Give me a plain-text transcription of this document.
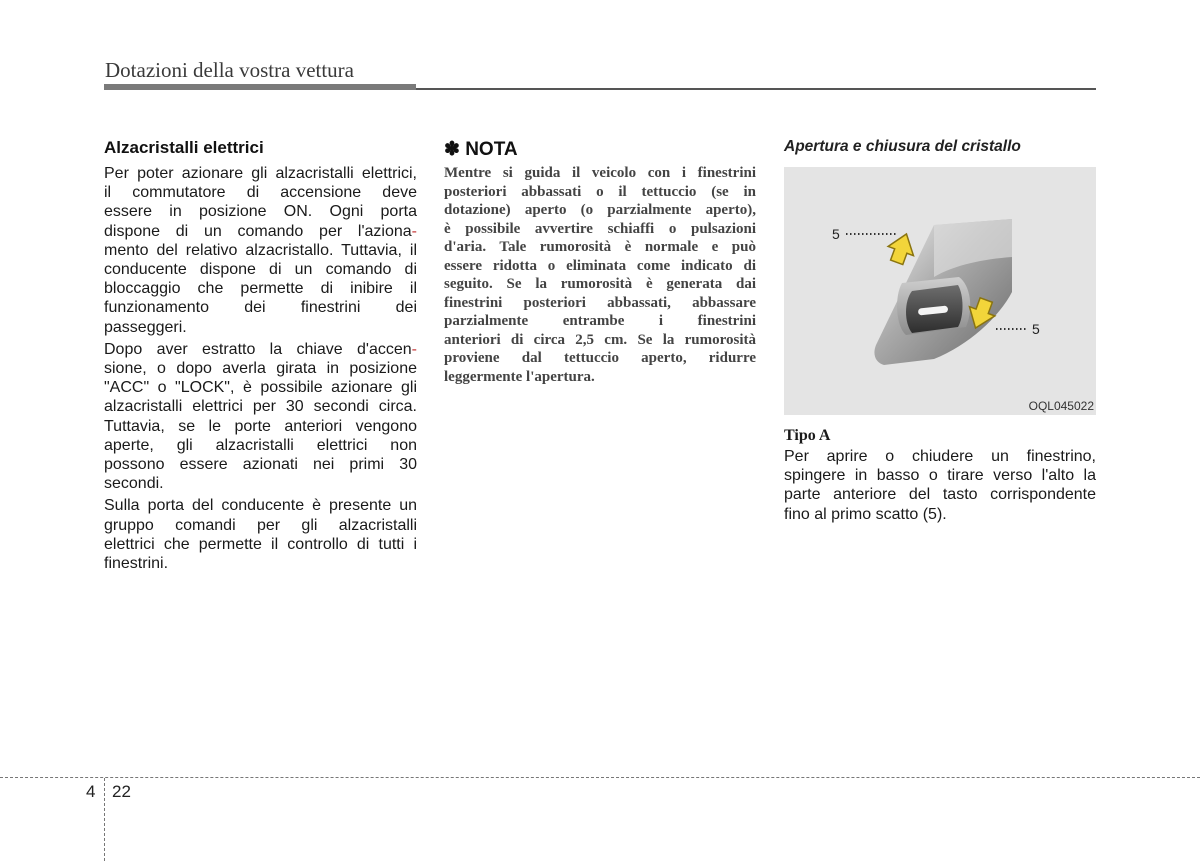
Dotazioni della vostra vettura
Alzacristalli elettrici
Per poter azionare gli alzacristalli elettrici,
il commutatore di accensione deve
essere in posizione ON. Ogni porta
dispone di un comando per l'aziona-
mento del relativo alzacristallo. Tuttavia, il
conducente dispone di un comando di
bloccaggio che permette di inibire il
funzionamento dei finestrini dei
passeggeri.
Dopo aver estratto la chiave d'accen-
sione, o dopo averla girata in posizione
"ACC" o "LOCK", è possibile azionare gli
alzacristalli elettrici per 30 secondi circa.
Tuttavia, se le porte anteriori vengono
aperte, gli alzacristalli elettrici non
possono essere azionati nei primi 30
secondi.
Sulla porta del conducente è presente un
gruppo comandi per gli alzacristalli
elettrici che permette il controllo di tutti i
finestrini.
✽ NOTA
Mentre si guida il veicolo con i finestrini
posteriori abbassati o il tettuccio (se in
dotazione) aperto (o parzialmente aperto),
è possibile avvertire schiaffi o pulsazioni
d'aria. Tale rumorosità è normale e può
essere ridotta o eliminata come indicato di
seguito. Se la rumorosità è generata dai
finestrini posteriori abbassati, abbassare
parzialmente entrambe i finestrini
anteriori di circa 2,5 cm. Se la rumorosità
proviene dal tettuccio aperto, ridurre
leggermente l'apertura.
Apertura e chiusura del cristallo
5
5
OQL045022
Tipo A
Per aprire o chiudere un finestrino,
spingere in basso o tirare verso l'alto la
parte anteriore del tasto corrispondente
fino al primo scatto (5).
4 22
